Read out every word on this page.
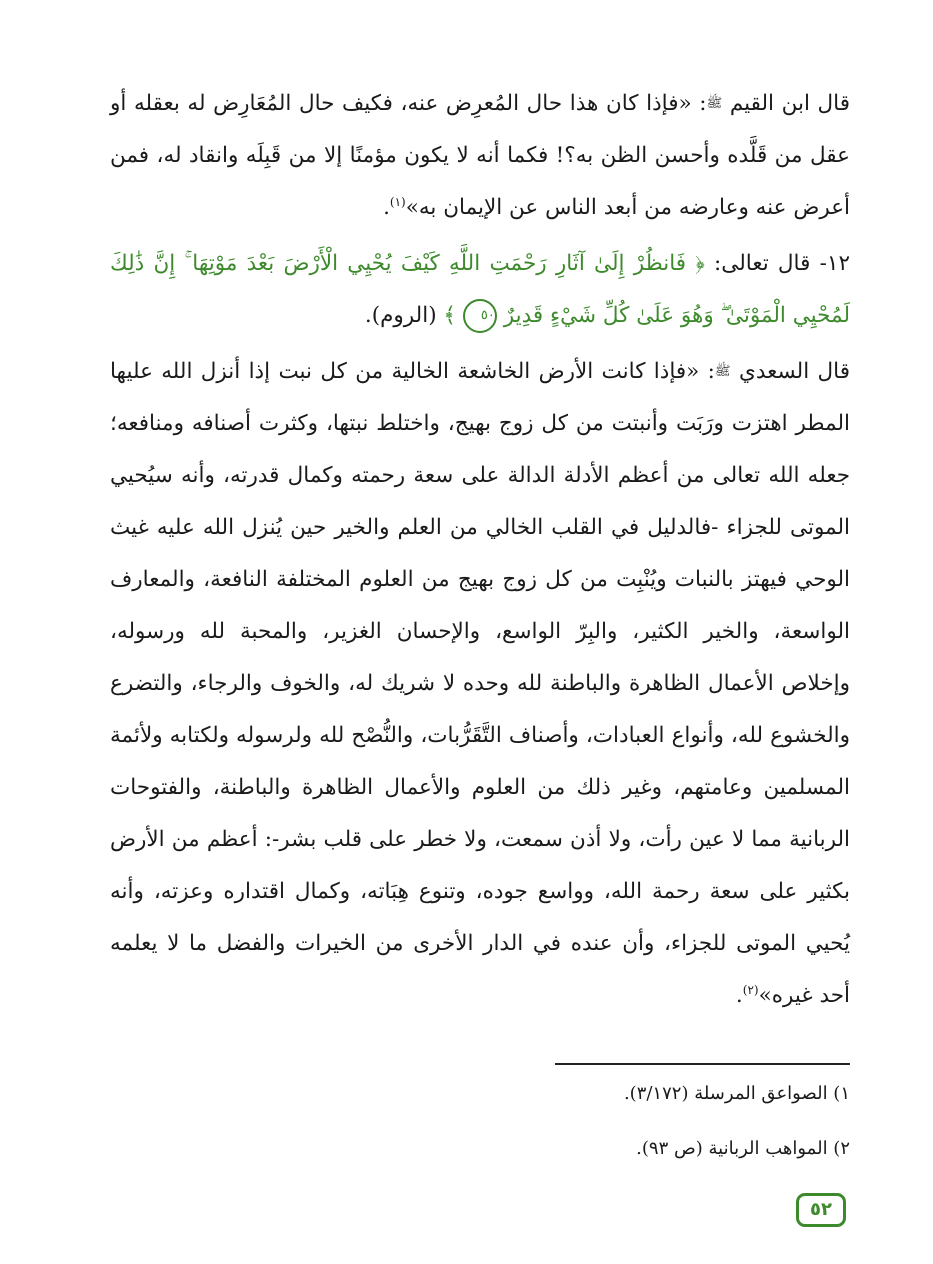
قال ابن القيم ﷺ: «فإذا كان هذا حال المُعرِض عنه، فكيف حال المُعَارِض له بعقله أو عقل من قَلَّده وأحسن الظن به؟! فكما أنه لا يكون مؤمنًا إلا من قَبِلَه وانقاد له، فمن أعرض عنه وعارضه من أبعد الناس عن الإيمان به»$^{(١)}$.

١٢- قال تعالى: ﴿ فَانظُرْ إِلَىٰ آثَارِ رَحْمَتِ اللَّهِ كَيْفَ يُحْيِي الْأَرْضَ بَعْدَ مَوْتِهَا ۚ إِنَّ ذَٰلِكَ لَمُحْيِي الْمَوْتَىٰ ۖ وَهُوَ عَلَىٰ كُلِّ شَيْءٍ قَدِيرٌ ٥٠ ﴾ (الروم).

قال السعدي ﷺ: «فإذا كانت الأرض الخاشعة الخالية من كل نبت إذا أنزل الله عليها المطر اهتزت ورَبَت وأنبتت من كل زوج بهيج، واختلط نبتها، وكثرت أصنافه ومنافعه؛ جعله الله تعالى من أعظم الأدلة الدالة على سعة رحمته وكمال قدرته، وأنه سيُحيي الموتى للجزاء -فالدليل في القلب الخالي من العلم والخير حين يُنزل الله عليه غيث الوحي فيهتز بالنبات ويُنْبِت من كل زوج بهيج من العلوم المختلفة النافعة، والمعارف الواسعة، والخير الكثير، والبِرّ الواسع، والإحسان الغزير، والمحبة لله ورسوله، وإخلاص الأعمال الظاهرة والباطنة لله وحده لا شريك له، والخوف والرجاء، والتضرع والخشوع لله، وأنواع العبادات، وأصناف التَّقَرُّبات، والنُّصْح لله ولرسوله ولكتابه ولأئمة المسلمين وعامتهم، وغير ذلك من العلوم والأعمال الظاهرة والباطنة، والفتوحات الربانية مما لا عين رأت، ولا أذن سمعت، ولا خطر على قلب بشر-: أعظم من الأرض بكثير على سعة رحمة الله، وواسع جوده، وتنوع هِبَاته، وكمال اقتداره وعزته، وأنه يُحيي الموتى للجزاء، وأن عنده في الدار الأخرى من الخيرات والفضل ما لا يعلمه أحد غيره»$^{(٢)}$.

١) الصواعق المرسلة (٣/١٧٢).

٢) المواهب الربانية (ص ٩٣).

٥٢
